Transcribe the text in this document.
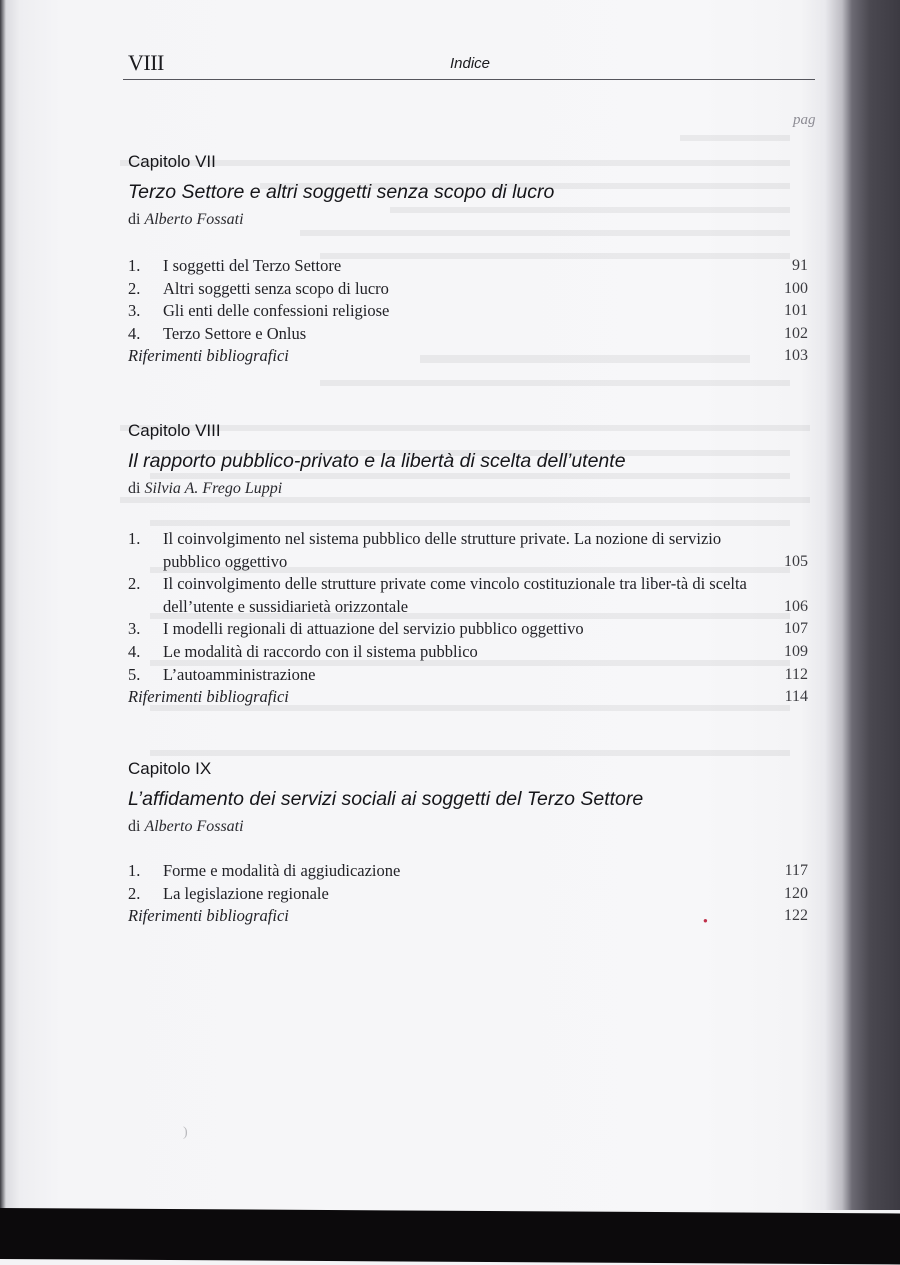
VIII	Indice
pag
Capitolo VII
Terzo Settore e altri soggetti senza scopo di lucro
di Alberto Fossati
1.	I soggetti del Terzo Settore	91
2.	Altri soggetti senza scopo di lucro	100
3.	Gli enti delle confessioni religiose	101
4.	Terzo Settore e Onlus	102
Riferimenti bibliografici	103
Capitolo VIII
Il rapporto pubblico-privato e la libertà di scelta dell’utente
di Silvia A. Frego Luppi
1.	Il coinvolgimento nel sistema pubblico delle strutture private. La nozione di servizio pubblico oggettivo	105
2.	Il coinvolgimento delle strutture private come vincolo costituzionale tra liber-tà di scelta dell’utente e sussidiarietà orizzontale	106
3.	I modelli regionali di attuazione del servizio pubblico oggettivo	107
4.	Le modalità di raccordo con il sistema pubblico	109
5.	L’autoamministrazione	112
Riferimenti bibliografici	114
Capitolo IX
L’affidamento dei servizi sociali ai soggetti del Terzo Settore
di Alberto Fossati
1.	Forme e modalità di aggiudicazione	117
2.	La legislazione regionale	120
Riferimenti bibliografici	122
●
)
